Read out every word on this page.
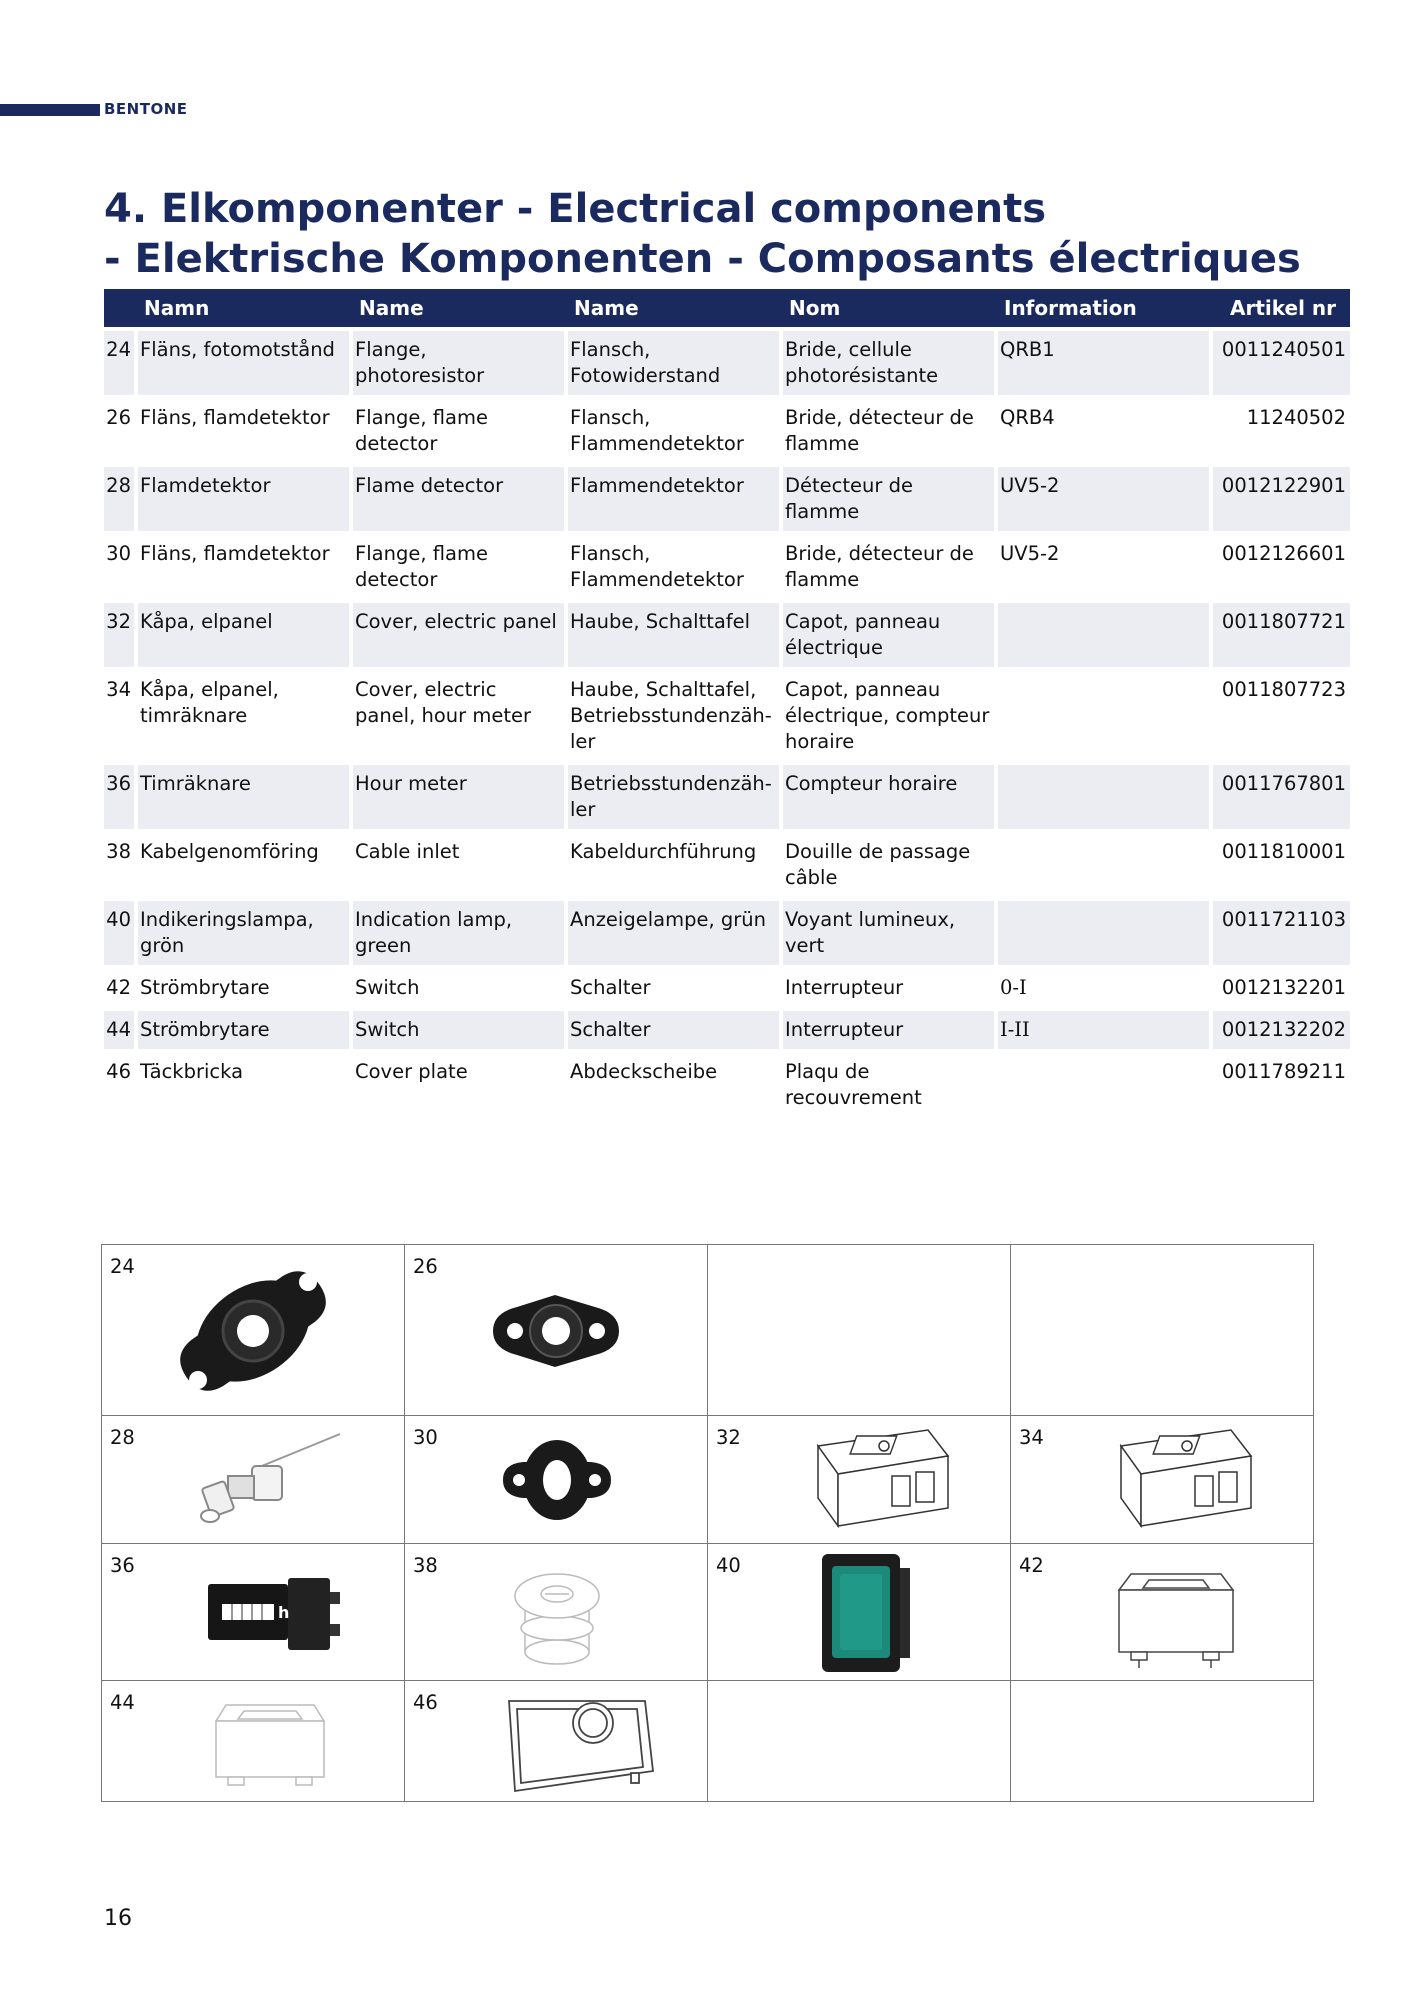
BENTONE
4. Elkomponenter - Electrical components
- Elektrische Komponenten - Composants électriques
	Namn	Name	Name	Nom	Information	Artikel nr
24	Fläns, fotomotstånd	Flange, photoresistor	Flansch, Fotowiderstand	Bride, cellule photorésistante	QRB1	0011240501
26	Fläns, flamdetektor	Flange, flame detector	Flansch, Flammendetektor	Bride, détecteur de flamme	QRB4	11240502
28	Flamdetektor	Flame detector	Flammendetektor	Détecteur de flamme	UV5-2	0012122901
30	Fläns, flamdetektor	Flange, flame detector	Flansch, Flammendetektor	Bride, détecteur de flamme	UV5-2	0012126601
32	Kåpa, elpanel	Cover, electric panel	Haube, Schalttafel	Capot, panneau électrique		0011807721
34	Kåpa, elpanel, timräknare	Cover, electric panel, hour meter	Haube, Schalttafel, Betriebsstundenzäh-ler	Capot, panneau électrique, compteur horaire		0011807723
36	Timräknare	Hour meter	Betriebsstundenzäh-ler	Compteur horaire		0011767801
38	Kabelgenomföring	Cable inlet	Kabeldurchführung	Douille de passage câble		0011810001
40	Indikeringslampa, grön	Indication lamp, green	Anzeigelampe, grün	Voyant lumineux, vert		0011721103
42	Strömbrytare	Switch	Schalter	Interrupteur	0-I	0012132201
44	Strömbrytare	Switch	Schalter	Interrupteur	I-II	0012132202
46	Täckbricka	Cover plate	Abdeckscheibe	Plaqu de recouvrement		0011789211
24	26		

28	30	32	34

36
h	38	40	42

44	46		

16
